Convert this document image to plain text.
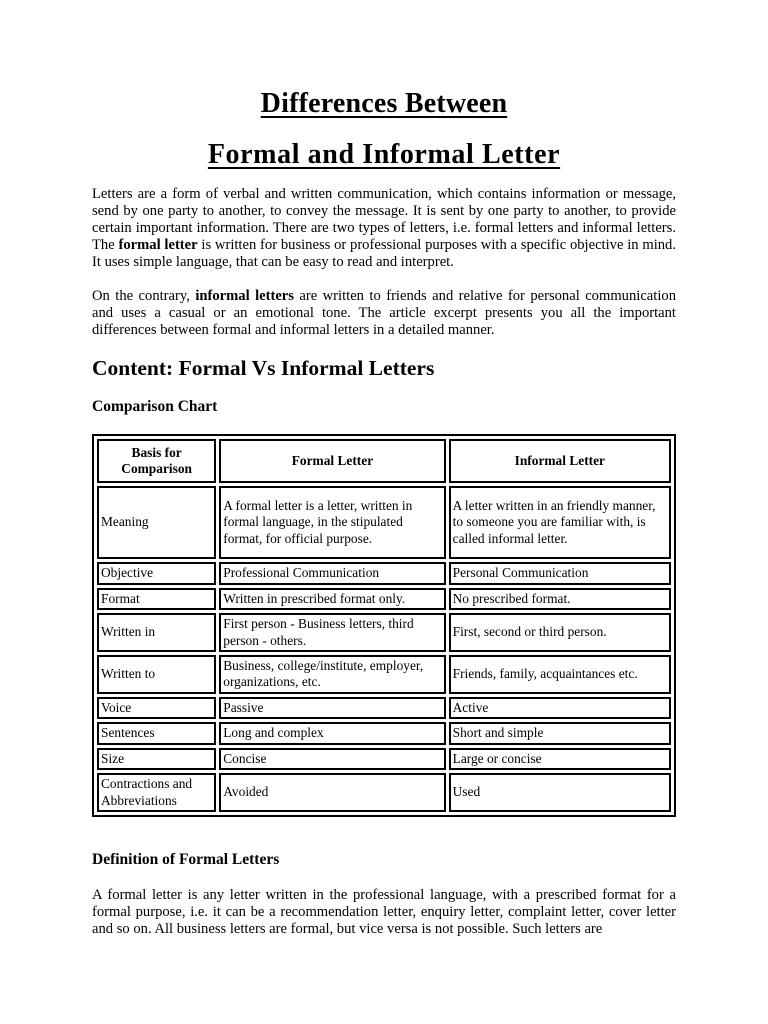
Differences Between
Formal and Informal Letter
Letters are a form of verbal and written communication, which contains information or message, send by one party to another, to convey the message. It is sent by one party to another, to provide certain important information. There are two types of letters, i.e. formal letters and informal letters. The formal letter is written for business or professional purposes with a specific objective in mind. It uses simple language, that can be easy to read and interpret.
On the contrary, informal letters are written to friends and relative for personal communication and uses a casual or an emotional tone. The article excerpt presents you all the important differences between formal and informal letters in a detailed manner.
Content: Formal Vs Informal Letters
Comparison Chart
Basis for Comparison	Formal Letter	Informal Letter
Meaning	A formal letter is a letter, written in formal language, in the stipulated format, for official purpose.	A letter written in an friendly manner, to someone you are familiar with, is called informal letter.
Objective	Professional Communication	Personal Communication
Format	Written in prescribed format only.	No prescribed format.
Written in	First person - Business letters, third person - others.	First, second or third person.
Written to	Business, college/institute, employer, organizations, etc.	Friends, family, acquaintances etc.
Voice	Passive	Active
Sentences	Long and complex	Short and simple
Size	Concise	Large or concise
Contractions and Abbreviations	Avoided	Used
Definition of Formal Letters
A formal letter is any letter written in the professional language, with a prescribed format for a formal purpose, i.e. it can be a recommendation letter, enquiry letter, complaint letter, cover letter and so on. All business letters are formal, but vice versa is not possible. Such letters are
